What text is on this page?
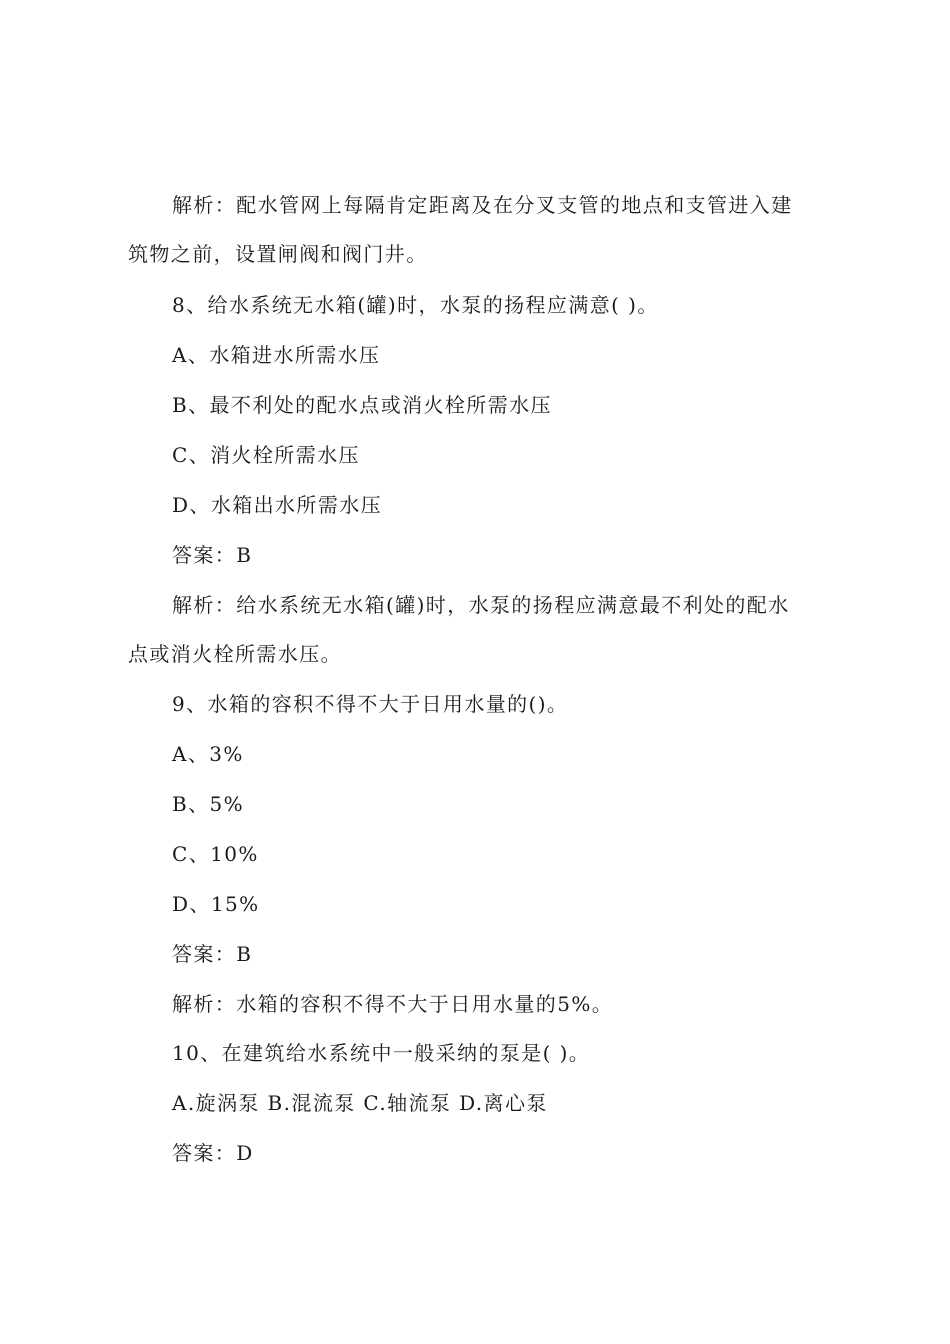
解析：配水管网上每隔肯定距离及在分叉支管的地点和支管进入建
筑物之前，设置闸阀和阀门井。
8、给水系统无水箱(罐)时，水泵的扬程应满意( )。
A、水箱进水所需水压
B、最不利处的配水点或消火栓所需水压
C、消火栓所需水压
D、水箱出水所需水压
答案：B
解析：给水系统无水箱(罐)时，水泵的扬程应满意最不利处的配水
点或消火栓所需水压。
9、水箱的容积不得不大于日用水量的()。
A、3%
B、5%
C、10%
D、15%
答案：B
解析：水箱的容积不得不大于日用水量的5%。
10、在建筑给水系统中一般采纳的泵是( )。
A.旋涡泵 B.混流泵 C.轴流泵 D.离心泵
答案：D
